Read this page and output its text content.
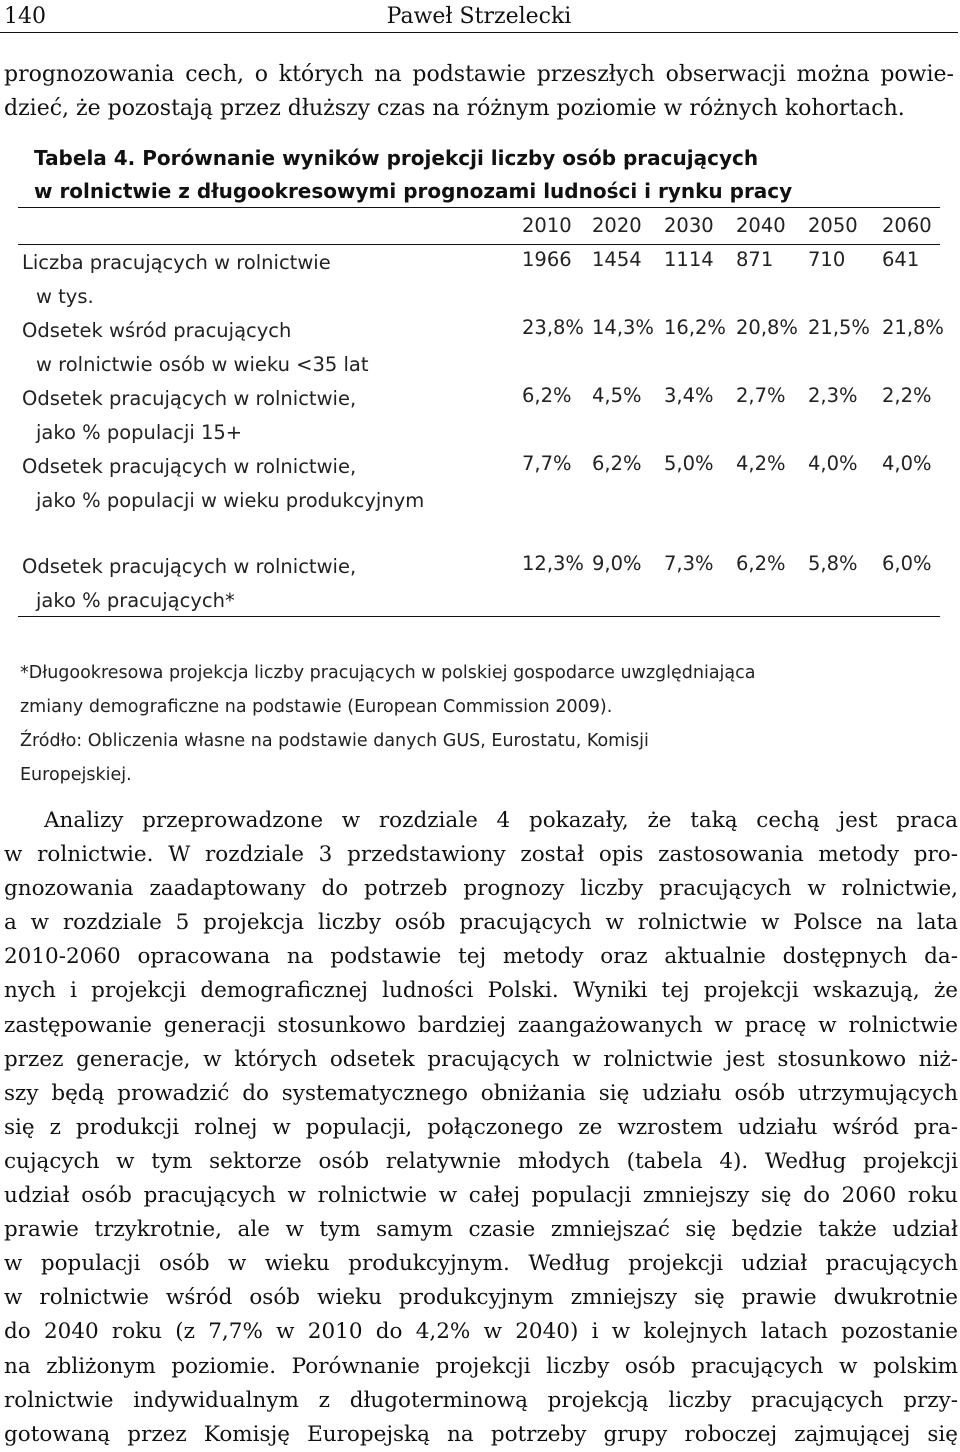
140	Paweł Strzelecki

prognozowania cech, o których na podstawie przeszłych obserwacji można powie-
dzieć, że pozostają przez dłuższy czas na różnym poziomie w różnych kohortach.

Tabela 4. Porównanie wyników projekcji liczby osób pracujących
w rolnictwie z długookresowymi prognozami ludności i rynku pracy

2010 2020 2030 2040 2050 2060
Liczba pracujących w rolnictwie
w tys.
1966 1454 1114 871 710 641
Odsetek wśród pracujących
w rolnictwie osób w wieku <35 lat
23,8% 14,3% 16,2% 20,8% 21,5% 21,8%
Odsetek pracujących w rolnictwie,
jako % populacji 15+
6,2% 4,5% 3,4% 2,7% 2,3% 2,2%
Odsetek pracujących w rolnictwie,
jako % populacji w wieku produkcyjnym
7,7% 6,2% 5,0% 4,2% 4,0% 4,0%
Odsetek pracujących w rolnictwie,
jako % pracujących*
12,3% 9,0% 7,3% 6,2% 5,8% 6,0%
*Długookresowa projekcja liczby pracujących w polskiej gospodarce uwzględniająca
zmiany demograficzne na podstawie (European Commission 2009).
Źródło: Obliczenia własne na podstawie danych GUS, Eurostatu, Komisji
Europejskiej.

Analizy przeprowadzone w rozdziale 4 pokazały, że taką cechą jest praca
w rolnictwie. W rozdziale 3 przedstawiony został opis zastosowania metody pro-
gnozowania zaadaptowany do potrzeb prognozy liczby pracujących w rolnictwie,
a w rozdziale 5 projekcja liczby osób pracujących w rolnictwie w Polsce na lata
2010-2060 opracowana na podstawie tej metody oraz aktualnie dostępnych da-
nych i projekcji demograficznej ludności Polski. Wyniki tej projekcji wskazują, że
zastępowanie generacji stosunkowo bardziej zaangażowanych w pracę w rolnictwie
przez generacje, w których odsetek pracujących w rolnictwie jest stosunkowo niż-
szy będą prowadzić do systematycznego obniżania się udziału osób utrzymujących
się z produkcji rolnej w populacji, połączonego ze wzrostem udziału wśród pra-
cujących w tym sektorze osób relatywnie młodych (tabela 4). Według projekcji
udział osób pracujących w rolnictwie w całej populacji zmniejszy się do 2060 roku
prawie trzykrotnie, ale w tym samym czasie zmniejszać się będzie także udział
w populacji osób w wieku produkcyjnym. Według projekcji udział pracujących
w rolnictwie wśród osób wieku produkcyjnym zmniejszy się prawie dwukrotnie
do 2040 roku (z 7,7% w 2010 do 4,2% w 2040) i w kolejnych latach pozostanie
na zbliżonym poziomie. Porównanie projekcji liczby osób pracujących w polskim
rolnictwie indywidualnym z długoterminową projekcją liczby pracujących przy-
gotowaną przez Komisję Europejską na potrzeby grupy roboczej zajmującej się
